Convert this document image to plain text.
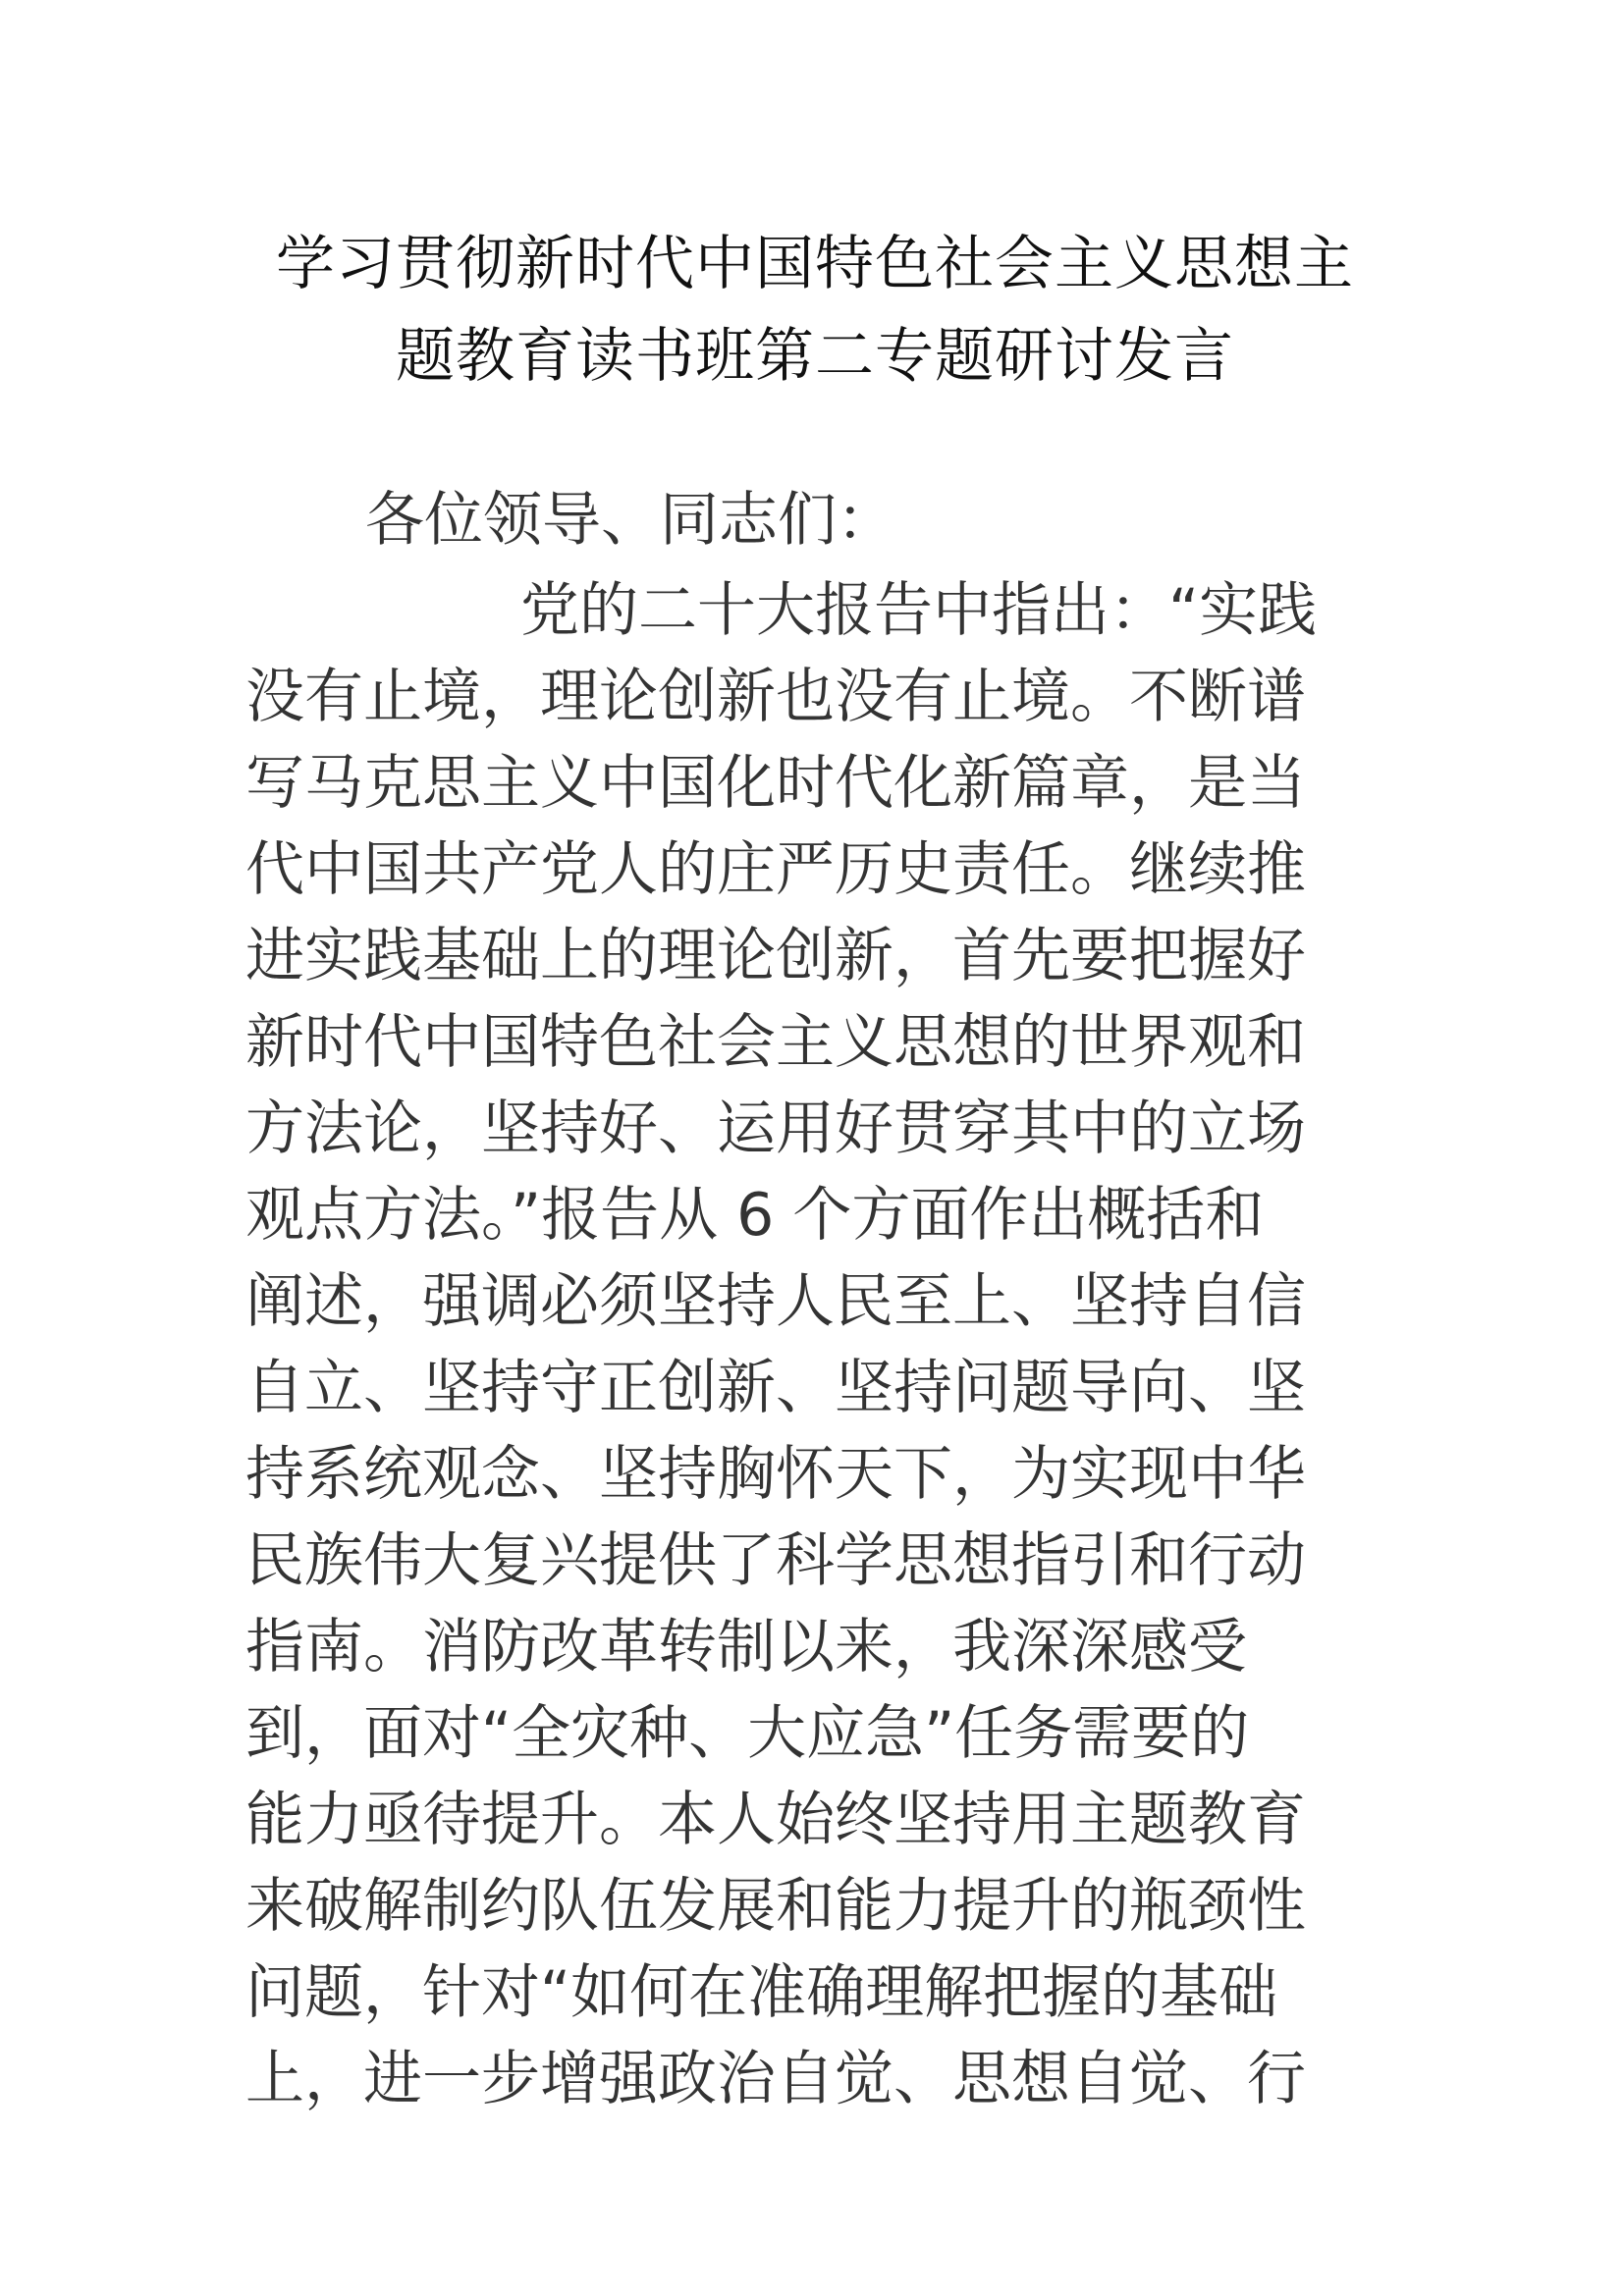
学习贯彻新时代中国特色社会主义思想主
题教育读书班第二专题研讨发言

各位领导、同志们：

党的二十大报告中指出：“实践
没有止境，理论创新也没有止境。不断谱
写马克思主义中国化时代化新篇章，是当
代中国共产党人的庄严历史责任。继续推
进实践基础上的理论创新，首先要把握好
新时代中国特色社会主义思想的世界观和
方法论，坚持好、运用好贯穿其中的立场
观点方法。”报告从 6 个方面作出概括和
阐述，强调必须坚持人民至上、坚持自信
自立、坚持守正创新、坚持问题导向、坚
持系统观念、坚持胸怀天下，为实现中华
民族伟大复兴提供了科学思想指引和行动
指南。消防改革转制以来，我深深感受
到，面对“全灾种、大应急”任务需要的
能力亟待提升。本人始终坚持用主题教育
来破解制约队伍发展和能力提升的瓶颈性
问题，针对“如何在准确理解把握的基础
上，进一步增强政治自觉、思想自觉、行
